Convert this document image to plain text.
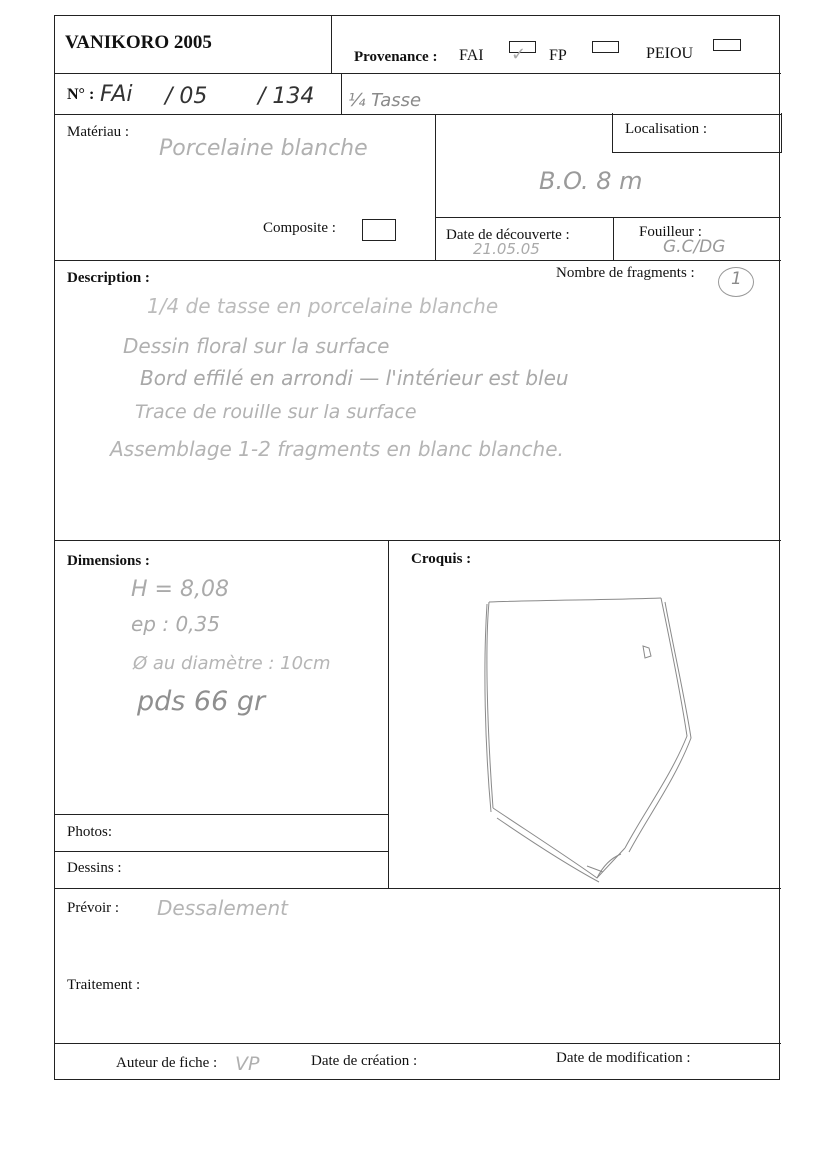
VANIKORO 2005
Provenance : FAI ✓ FP	PEIOU
N° : FAi / 05 / 134 ¼ Tasse
Matériau :
Porcelaine blanche
Composite :
Localisation :
B.O. 8 m
Date de découverte :
21.05.05
Fouilleur :
G.C/DG
Description :	Nombre de fragments : 1
1/4 de tasse en porcelaine blanche
Dessin floral sur la surface
Bord effilé en arrondi — l'intérieur est bleu
Trace de rouille sur la surface
Assemblage 1-2 fragments en blanc blanche.
Dimensions :
H = 8,08
ep : 0,35
Ø au diamètre : 10cm
pds 66 gr
Croquis :
Photos:
Dessins :
Prévoir : Dessalement
Traitement :
Auteur de fiche : VP	Date de création :	Date de modification :
